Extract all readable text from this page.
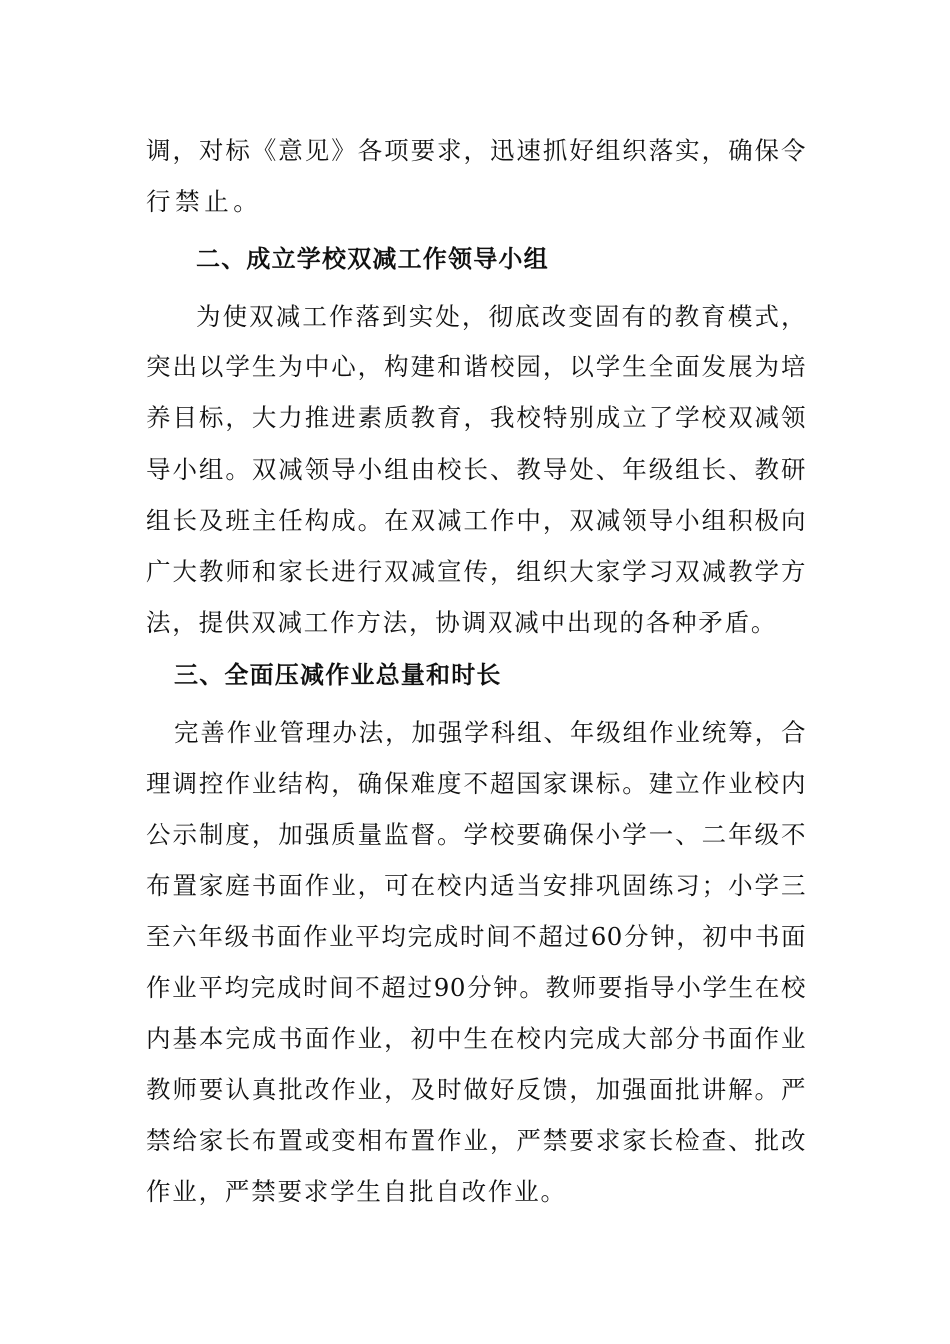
调，对标《意见》各项要求，迅速抓好组织落实，确保令
行禁止。
二、成立学校双减工作领导小组
为使双减工作落到实处，彻底改变固有的教育模式，
突出以学生为中心，构建和谐校园，以学生全面发展为培
养目标，大力推进素质教育，我校特别成立了学校双减领
导小组。双减领导小组由校长、教导处、年级组长、教研
组长及班主任构成。在双减工作中，双减领导小组积极向
广大教师和家长进行双减宣传，组织大家学习双减教学方
法，提供双减工作方法，协调双减中出现的各种矛盾。
三、全面压减作业总量和时长
完善作业管理办法，加强学科组、年级组作业统筹，合
理调控作业结构，确保难度不超国家课标。建立作业校内
公示制度，加强质量监督。学校要确保小学一、二年级不
布置家庭书面作业，可在校内适当安排巩固练习；小学三
至六年级书面作业平均完成时间不超过60分钟，初中书面
作业平均完成时间不超过90分钟。教师要指导小学生在校
内基本完成书面作业，初中生在校内完成大部分书面作业
教师要认真批改作业，及时做好反馈，加强面批讲解。严
禁给家长布置或变相布置作业，严禁要求家长检查、批改
作业，严禁要求学生自批自改作业。
